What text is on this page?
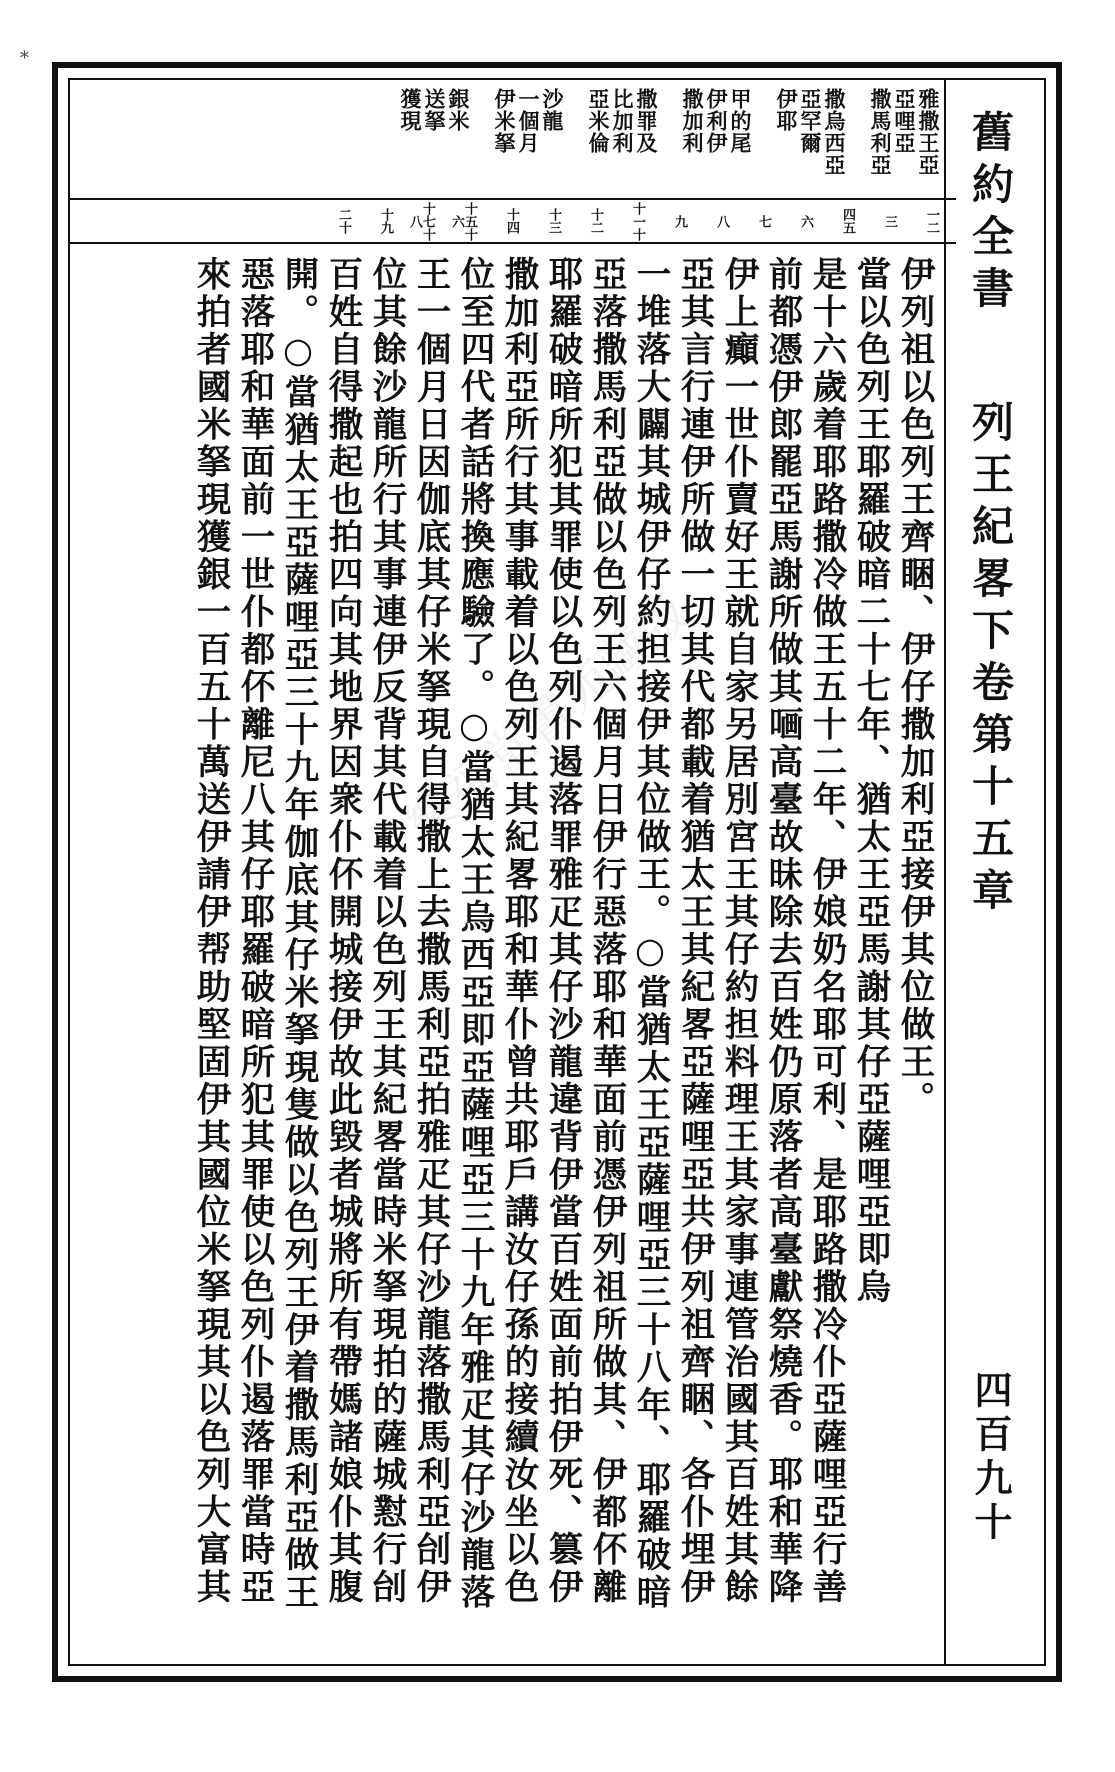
*
雅撒王亞
亞哩亞
撒馬利亞
撒烏西亞
亞罕爾
伊耶
甲的尾
伊利伊
撒加利
撒罪及
比加利
亞米倫
沙龍
一個月
伊米拏
銀米
送拏
獲現
一二
三
四五
六
七
八
九
十一十
十二
十三
十四
十五十六
十七十八
十九
二十	舊約全書
列王紀畧下卷第十五章
四百九十
伊列祖以色列王齊睏、伊仔撒加利亞接伊其位做王。
當以色列王耶羅破暗二十七年、猶太王亞馬謝其仔亞薩哩亞即烏
是十六歲着耶路撒冷做王五十二年、伊娘奶名耶可利、是耶路撒冷仆亞薩哩亞行善
前都憑伊郎罷亞馬謝所做其𠵾高臺故昧除去百姓仍原落者高臺獻祭燒香。耶和華降
伊上癲一世仆賣好王就自家另居別宮王其仔約担料理王其家事連管治國其百姓其餘
亞其言行連伊所做一切其代都載着猶太王其紀畧亞薩哩亞共伊列祖齊睏、各仆埋伊
一堆落大闢其城伊仔約担接伊其位做王。○當猶太王亞薩哩亞三十八年、耶羅破暗
亞落撒馬利亞做以色列王六個月日伊行惡落耶和華面前憑伊列祖所做其、伊都伓離
耶羅破暗所犯其罪使以色列仆遏落罪雅疋其仔沙龍違背伊當百姓面前拍伊死、篡伊
撒加利亞所行其事載着以色列王其紀畧耶和華仆曾共耶戶講汝仔孫的接續汝坐以色
位至四代者話將換應驗了。○當猶太王烏西亞即亞薩哩亞三十九年雅疋其仔沙龍落
王一個月日因伽底其仔米拏現自得撒上去撒馬利亞拍雅疋其仔沙龍落撒馬利亞刣伊
位其餘沙龍所行其事連伊反背其代載着以色列王其紀畧當時米拏現拍的薩城懟行刣
百姓自得撒起也拍四向其地界因衆仆伓開城接伊故此毀者城將所有帶媽諸娘仆其腹
開。○當猶太王亞薩哩亞三十九年伽底其仔米拏現隻做以色列王伊着撒馬利亞做王
惡落耶和華面前一世仆都伓離尼八其仔耶羅破暗所犯其罪使以色列仆遏落罪當時亞
來拍者國米拏現獲銀一百五十萬送伊請伊帮助堅固伊其國位米拏現其以色列大富其
樂福堂書苑藏版
